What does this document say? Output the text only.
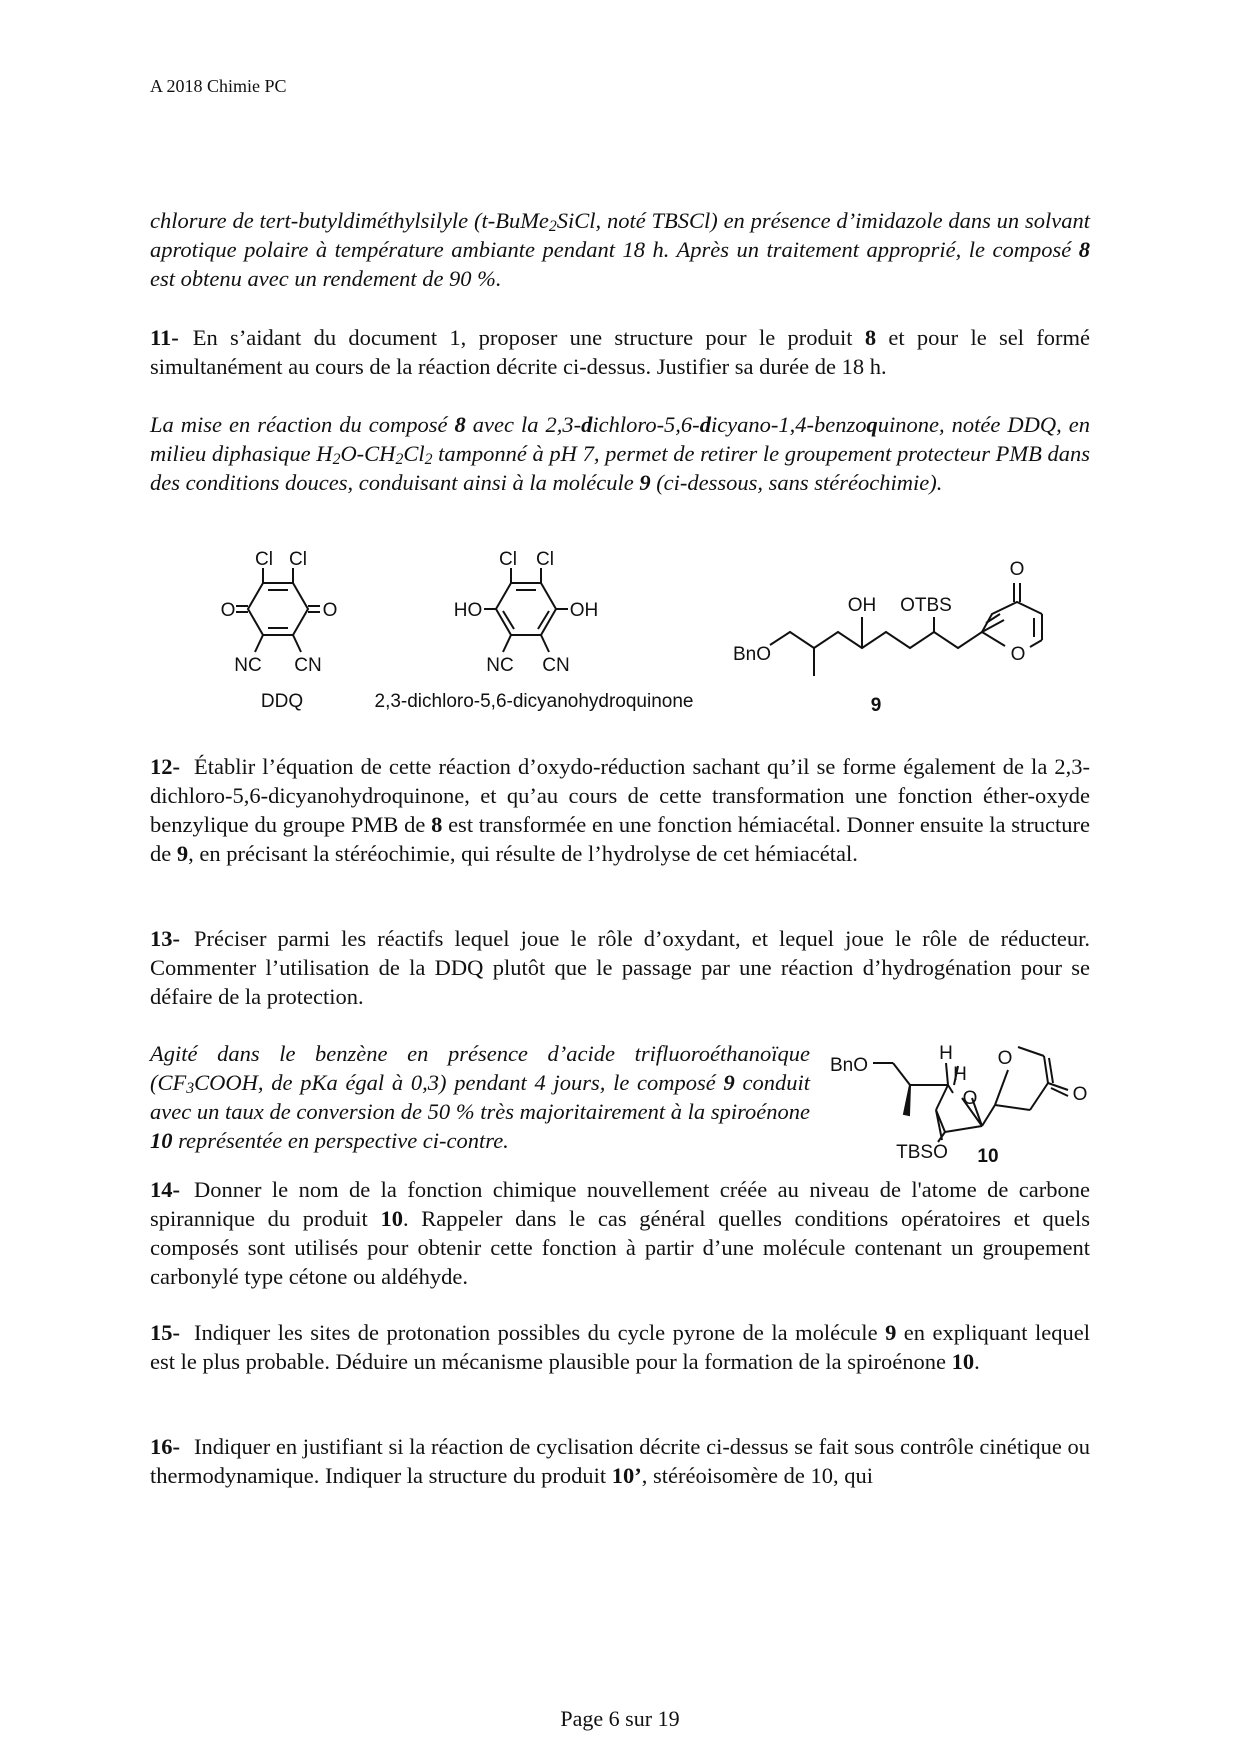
A 2018 Chimie PC
chlorure de tert-butyldiméthylsilyle (t-BuMe$_2$SiCl, noté TBSCl) en présence d’imidazole dans un solvant aprotique polaire à température ambiante pendant 18 h. Après un traitement approprié, le composé 8 est obtenu avec un rendement de 90 %.
11- En s’aidant du document 1, proposer une structure pour le produit 8 et pour le sel formé simultanément au cours de la réaction décrite ci-dessus. Justifier sa durée de 18 h.
La mise en réaction du composé 8 avec la 2,3-dichloro-5,6-dicyano-1,4-benzoquinone, notée DDQ, en milieu diphasique $H_2O-CH_2Cl_2$ tamponné à pH 7, permet de retirer le groupement protecteur PMB dans des conditions douces, conduisant ainsi à la molécule 9 (ci-dessous, sans stéréochimie).
Cl Cl
O	O
NC CN
DDQ
Cl Cl
HO	OH
NC CN
2,3-dichloro-5,6-dicyanohydroquinone
O
OH OTBS
BnO	O
9
12- Établir l’équation de cette réaction d’oxydo-réduction sachant qu’il se forme également de la 2,3-dichloro-5,6-dicyanohydroquinone, et qu’au cours de cette transformation une fonction éther-oxyde benzylique du groupe PMB de 8 est transformée en une fonction hémiacétal. Donner ensuite la structure de 9, en précisant la stéréochimie, qui résulte de l’hydrolyse de cet hémiacétal.
13- Préciser parmi les réactifs lequel joue le rôle d’oxydant, et lequel joue le rôle de réducteur. Commenter l’utilisation de la DDQ plutôt que le passage par une réaction d’hydrogénation pour se défaire de la protection.
Agité dans le benzène en présence d’acide trifluoroéthanoïque ($CF_3COOH$, de pKa égal à 0,3) pendant 4 jours, le composé 9 conduit avec un taux de conversion de 50 % très majoritairement à la spiroénone 10 représentée en perspective ci-contre.
H
H
BnO	O
O	O
TBSO 10
14- Donner le nom de la fonction chimique nouvellement créée au niveau de l'atome de carbone spirannique du produit 10. Rappeler dans le cas général quelles conditions opératoires et quels composés sont utilisés pour obtenir cette fonction à partir d’une molécule contenant un groupement carbonylé type cétone ou aldéhyde.
15- Indiquer les sites de protonation possibles du cycle pyrone de la molécule 9 en expliquant lequel est le plus probable. Déduire un mécanisme plausible pour la formation de la spiroénone 10.
16- Indiquer en justifiant si la réaction de cyclisation décrite ci-dessus se fait sous contrôle cinétique ou thermodynamique. Indiquer la structure du produit 10’, stéréoisomère de 10, qui
Page 6 sur 19
